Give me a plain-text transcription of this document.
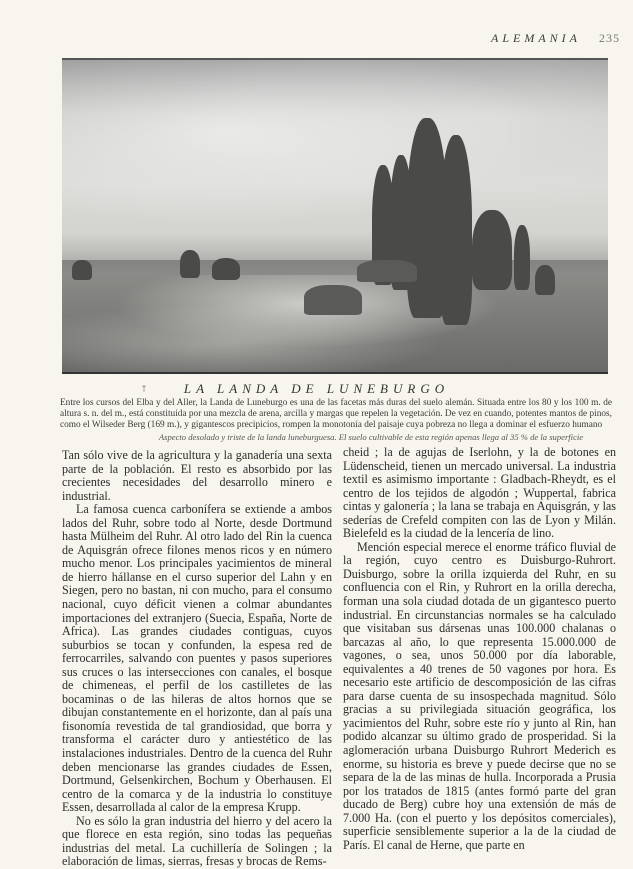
ALEMANIA 235
†	LA LANDA DE LUNEBURGO
Entre los cursos del Elba y del Aller, la Landa de Luneburgo es una de las facetas más duras del suelo alemán. Situada entre los 80 y los 100 m. de altura s. n. del m., está constituida por una mezcla de arena, arcilla y margas que repelen la vegetación. De vez en cuando, potentes mantos de pinos, como el Wilseder Berg (169 m.), y gigantescos precipicios, rompen la monotonía del paisaje cuya pobreza no llega a dominar el esfuerzo humano
Aspecto desolado y triste de la landa luneburguesa. El suelo cultivable de esta región apenas llega al 35 % de la superficie

Tan sólo vive de la agricultura y la ganadería una sexta parte de la población. El resto es absorbido por las crecientes necesidades del desarrollo minero e industrial.

La famosa cuenca carbonífera se extiende a ambos lados del Ruhr, sobre todo al Norte, desde Dortmund hasta Mülheim del Ruhr. Al otro lado del Rin la cuenca de Aquisgrán ofrece filones menos ricos y en número mucho menor. Los principales yacimientos de mineral de hierro hállanse en el curso superior del Lahn y en Siegen, pero no bastan, ni con mucho, para el consumo nacional, cuyo déficit vienen a colmar abundantes importaciones del extranjero (Suecia, España, Norte de Africa). Las grandes ciudades contiguas, cuyos suburbios se tocan y confunden, la espesa red de ferrocarriles, salvando con puentes y pasos superiores sus cruces o las intersecciones con canales, el bosque de chimeneas, el perfil de los castilletes de las bocaminas o de las hileras de altos hornos que se dibujan constantemente en el horizonte, dan al país una fisonomía revestida de tal grandiosidad, que borra y transforma el carácter duro y antiestético de las instalaciones industriales. Dentro de la cuenca del Ruhr deben mencionarse las grandes ciudades de Essen, Dortmund, Gelsenkirchen, Bochum y Oberhausen. El centro de la comarca y de la industria lo constituye Essen, desarrollada al calor de la empresa Krupp.

No es sólo la gran industria del hierro y del acero la que florece en esta región, sino todas las pequeñas industrias del metal. La cuchillería de Solingen ; la elaboración de limas, sierras, fresas y brocas de Rems-

cheid ; la de agujas de Iserlohn, y la de botones en Lüdenscheid, tienen un mercado universal. La industria textil es asimismo importante : Gladbach-Rheydt, es el centro de los tejidos de algodón ; Wuppertal, fabrica cintas y galonería ; la lana se trabaja en Aquisgrán, y las sederías de Crefeld compiten con las de Lyon y Milán. Bielefeld es la ciudad de la lencería de lino.

Mención especial merece el enorme tráfico fluvial de la región, cuyo centro es Duisburgo-Ruhrort. Duisburgo, sobre la orilla izquierda del Ruhr, en su confluencia con el Rin, y Ruhrort en la orilla derecha, forman una sola ciudad dotada de un gigantesco puerto industrial. En circunstancias normales se ha calculado que visitaban sus dársenas unas 100.000 chalanas o barcazas al año, lo que representa 15.000.000 de vagones, o sea, unos 50.000 por día laborable, equivalentes a 40 trenes de 50 vagones por hora. Es necesario este artificio de descomposición de las cifras para darse cuenta de su insospechada magnitud. Sólo gracias a su privilegiada situación geográfica, los yacimientos del Ruhr, sobre este río y junto al Rin, han podido alcanzar su último grado de prosperidad. Si la aglomeración urbana Duisburgo Ruhrort Mederich es enorme, su historia es breve y puede decirse que no se separa de la de las minas de hulla. Incorporada a Prusia por los tratados de 1815 (antes formó parte del gran ducado de Berg) cubre hoy una extensión de más de 7.000 Ha. (con el puerto y los depósitos comerciales), superficie sensiblemente superior a la de la ciudad de París. El canal de Herne, que parte en
